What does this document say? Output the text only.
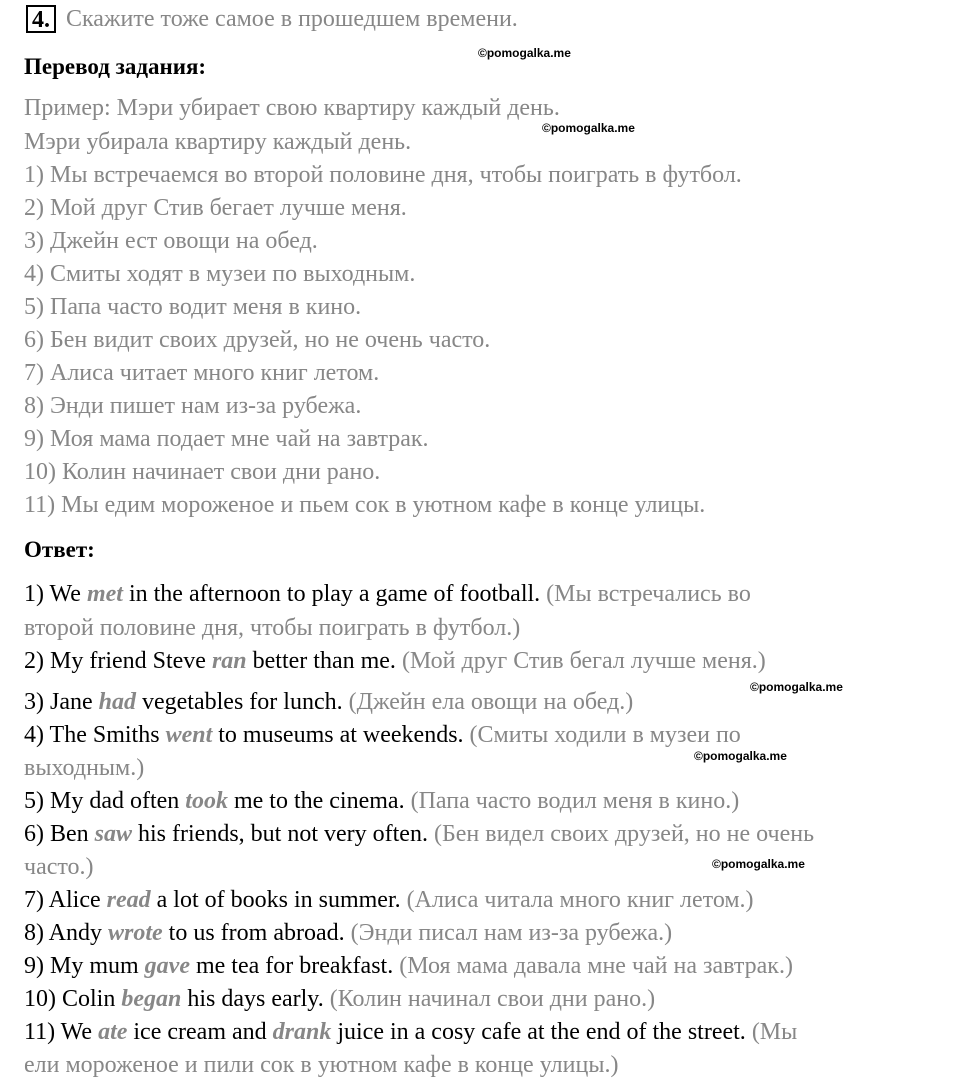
4. Скажите тоже самое в прошедшем времени.
©pomogalka.me
Перевод задания:
Пример: Мэри убирает свою квартиру каждый день.
©pomogalka.me
Мэри убирала квартиру каждый день.
1) Мы встречаемся во второй половине дня, чтобы поиграть в футбол.
2) Мой друг Стив бегает лучше меня.
3) Джейн ест овощи на обед.
4) Смиты ходят в музеи по выходным.
5) Папа часто водит меня в кино.
6) Бен видит своих друзей, но не очень часто.
7) Алиса читает много книг летом.
8) Энди пишет нам из-за рубежа.
9) Моя мама подает мне чай на завтрак.
10) Колин начинает свои дни рано.
11) Мы едим мороженое и пьем сок в уютном кафе в конце улицы.
Ответ:
1) We met in the afternoon to play a game of football. (Мы встречались во
второй половине дня, чтобы поиграть в футбол.)
2) My friend Steve ran better than me. (Мой друг Стив бегал лучше меня.)
©pomogalka.me
3) Jane had vegetables for lunch. (Джейн ела овощи на обед.)
4) The Smiths went to museums at weekends. (Смиты ходили в музеи по
©pomogalka.me
выходным.)
5) My dad often took me to the cinema. (Папа часто водил меня в кино.)
6) Ben saw his friends, but not very often. (Бен видел своих друзей, но не очень
часто.)	©pomogalka.me
7) Alice read a lot of books in summer. (Алиса читала много книг летом.)
8) Andy wrote to us from abroad. (Энди писал нам из-за рубежа.)
9) My mum gave me tea for breakfast. (Моя мама давала мне чай на завтрак.)
10) Colin began his days early. (Колин начинал свои дни рано.)
11) We ate ice cream and drank juice in a cosy cafe at the end of the street. (Мы
ели мороженое и пили сок в уютном кафе в конце улицы.)
